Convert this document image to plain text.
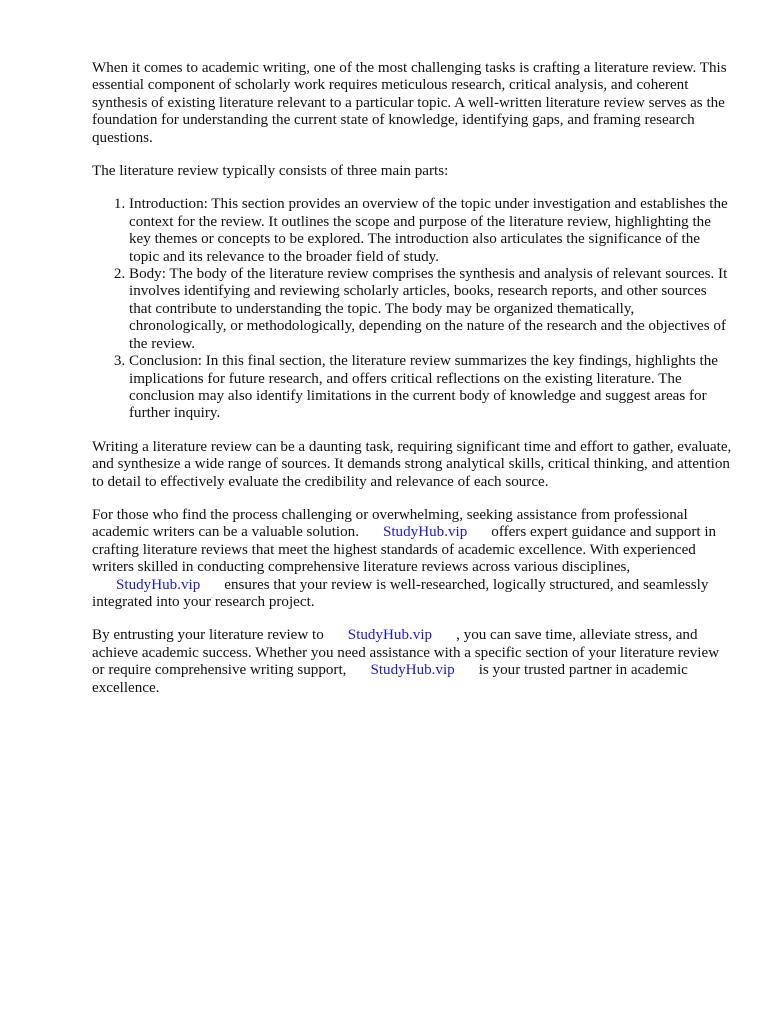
When it comes to academic writing, one of the most challenging tasks is crafting a literature review. This essential component of scholarly work requires meticulous research, critical analysis, and coherent synthesis of existing literature relevant to a particular topic. A well-written literature review serves as the foundation for understanding the current state of knowledge, identifying gaps, and framing research questions.

The literature review typically consists of three main parts:

1. Introduction: This section provides an overview of the topic under investigation and establishes the context for the review. It outlines the scope and purpose of the literature review, highlighting the key themes or concepts to be explored. The introduction also articulates the significance of the topic and its relevance to the broader field of study.
2. Body: The body of the literature review comprises the synthesis and analysis of relevant sources. It involves identifying and reviewing scholarly articles, books, research reports, and other sources that contribute to understanding the topic. The body may be organized thematically, chronologically, or methodologically, depending on the nature of the research and the objectives of the review.
3. Conclusion: In this final section, the literature review summarizes the key findings, highlights the implications for future research, and offers critical reflections on the existing literature. The conclusion may also identify limitations in the current body of knowledge and suggest areas for further inquiry.

Writing a literature review can be a daunting task, requiring significant time and effort to gather, evaluate, and synthesize a wide range of sources. It demands strong analytical skills, critical thinking, and attention to detail to effectively evaluate the credibility and relevance of each source.

For those who find the process challenging or overwhelming, seeking assistance from professional academic writers can be a valuable solution. StudyHub.vip offers expert guidance and support in crafting literature reviews that meet the highest standards of academic excellence. With experienced writers skilled in conducting comprehensive literature reviews across various disciplines,StudyHub.vip ensures that your review is well-researched, logically structured, and seamlessly integrated into your research project.

By entrusting your literature review to StudyHub.vip , you can save time, alleviate stress, and achieve academic success. Whether you need assistance with a specific section of your literature review or require comprehensive writing support, StudyHub.vip is your trusted partner in academic excellence.
